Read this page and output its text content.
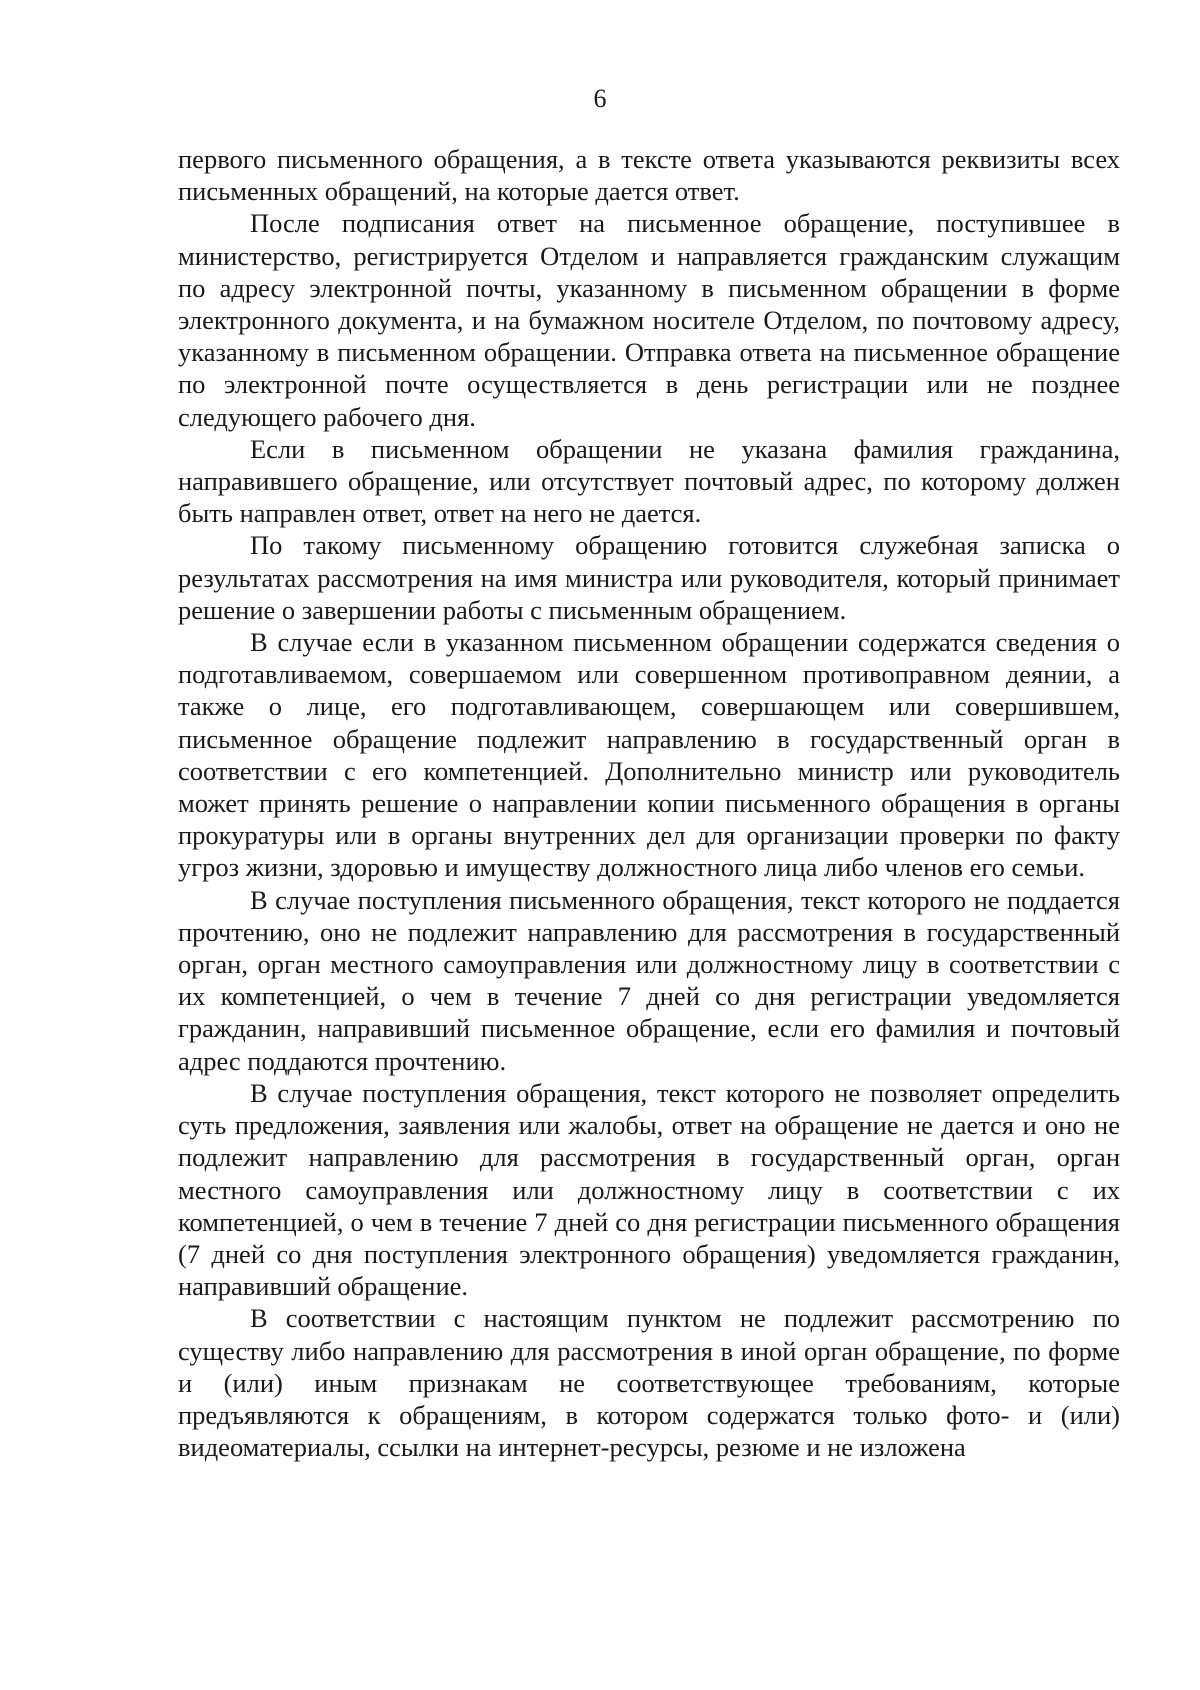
6

первого письменного обращения, а в тексте ответа указываются реквизиты всех письменных обращений, на которые дается ответ.

После подписания ответ на письменное обращение, поступившее в министерство, регистрируется Отделом и направляется гражданским служащим по адресу электронной почты, указанному в письменном обращении в форме электронного документа, и на бумажном носителе Отделом, по почтовому адресу, указанному в письменном обращении. Отправка ответа на письменное обращение по электронной почте осуществляется в день регистрации или не позднее следующего рабочего дня.

Если в письменном обращении не указана фамилия гражданина, направившего обращение, или отсутствует почтовый адрес, по которому должен быть направлен ответ, ответ на него не дается.

По такому письменному обращению готовится служебная записка о результатах рассмотрения на имя министра или руководителя, который принимает решение о завершении работы с письменным обращением.

В случае если в указанном письменном обращении содержатся сведения о подготавливаемом, совершаемом или совершенном противоправном деянии, а также о лице, его подготавливающем, совершающем или совершившем, письменное обращение подлежит направлению в государственный орган в соответствии с его компетенцией. Дополнительно министр или руководитель может принять решение о направлении копии письменного обращения в органы прокуратуры или в органы внутренних дел для организации проверки по факту угроз жизни, здоровью и имуществу должностного лица либо членов его семьи.

В случае поступления письменного обращения, текст которого не поддается прочтению, оно не подлежит направлению для рассмотрения в государственный орган, орган местного самоуправления или должностному лицу в соответствии с их компетенцией, о чем в течение 7 дней со дня регистрации уведомляется гражданин, направивший письменное обращение, если его фамилия и почтовый адрес поддаются прочтению.

В случае поступления обращения, текст которого не позволяет определить суть предложения, заявления или жалобы, ответ на обращение не дается и оно не подлежит направлению для рассмотрения в государственный орган, орган местного самоуправления или должностному лицу в соответствии с их компетенцией, о чем в течение 7 дней со дня регистрации письменного обращения (7 дней со дня поступления электронного обращения) уведомляется гражданин, направивший обращение.

В соответствии с настоящим пунктом не подлежит рассмотрению по существу либо направлению для рассмотрения в иной орган обращение, по форме и (или) иным признакам не соответствующее требованиям, которые предъявляются к обращениям, в котором содержатся только фото- и (или) видеоматериалы, ссылки на интернет-ресурсы, резюме и не изложена
